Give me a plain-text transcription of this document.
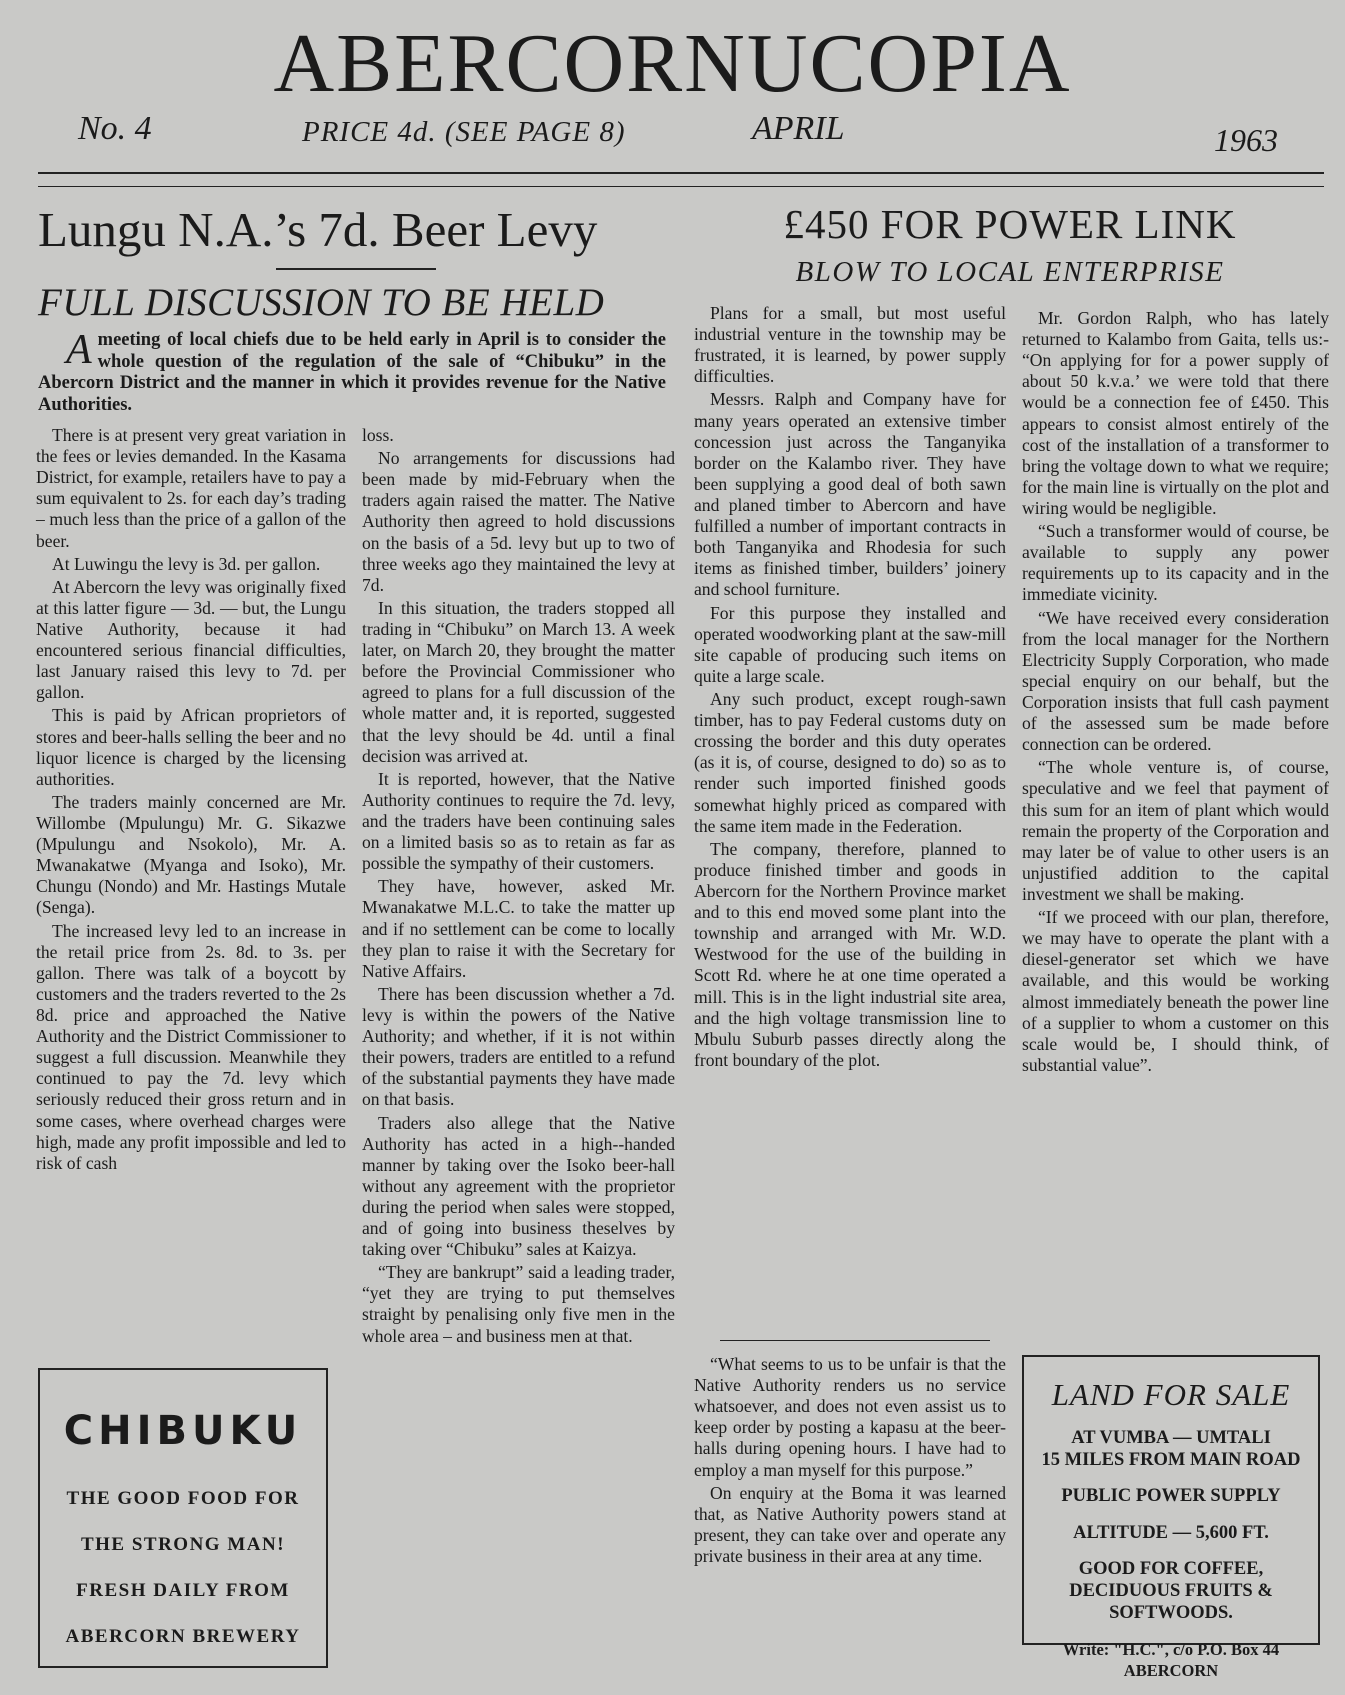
ABERCORNUCOPIA
No. 4	PRICE 4d. (SEE PAGE 8)	APRIL	1963
Lungu N.A.’s 7d. Beer Levy
FULL DISCUSSION TO BE HELD
A meeting of local chiefs due to be held early in April is to consider the whole question of the regulation of the sale of “Chibuku” in the Abercorn District and the manner in which it provides revenue for the Native Authorities.

There is at present very great variation in the fees or levies demanded. In the Kasama District, for example, retailers have to pay a sum equivalent to 2s. for each day’s trading – much less than the price of a gallon of the beer.

At Luwingu the levy is 3d. per gallon.

At Abercorn the levy was originally fixed at this latter figure — 3d. — but, the Lungu Native Authority, because it had encountered serious financial difficulties, last January raised this levy to 7d. per gallon.

This is paid by African proprietors of stores and beer-halls selling the beer and no liquor licence is charged by the licensing authorities.

The traders mainly concerned are Mr. Willombe (Mpulungu) Mr. G. Sikazwe (Mpulungu and Nsokolo), Mr. A. Mwanakatwe (Myanga and Isoko), Mr. Chungu (Nondo) and Mr. Hastings Mutale (Senga).

The increased levy led to an increase in the retail price from 2s. 8d. to 3s. per gallon. There was talk of a boycott by customers and the traders reverted to the 2s 8d. price and approached the Native Authority and the District Commissioner to suggest a full discussion. Meanwhile they continued to pay the 7d. levy which seriously reduced their gross return and in some cases, where overhead charges were high, made any profit impossible and led to risk of cash

loss.

No arrangements for discussions had been made by mid-February when the traders again raised the matter. The Native Authority then agreed to hold discussions on the basis of a 5d. levy but up to two of three weeks ago they maintained the levy at 7d.

In this situation, the traders stopped all trading in “Chibuku” on March 13. A week later, on March 20, they brought the matter before the Provincial Commissioner who agreed to plans for a full discussion of the whole matter and, it is reported, suggested that the levy should be 4d. until a final decision was arrived at.

It is reported, however, that the Native Authority continues to require the 7d. levy, and the traders have been continuing sales on a limited basis so as to retain as far as possible the sympathy of their customers.

They have, however, asked Mr. Mwanakatwe M.L.C. to take the matter up and if no settlement can be come to locally they plan to raise it with the Secretary for Native Affairs.

There has been discussion whether a 7d. levy is within the powers of the Native Authority; and whether, if it is not within their powers, traders are entitled to a refund of the substantial payments they have made on that basis.

Traders also allege that the Native Authority has acted in a high--handed manner by taking over the Isoko beer-hall without any agreement with the proprietor during the period when sales were stopped, and of going into business theselves by taking over “Chibuku” sales at Kaizya.

“They are bankrupt” said a leading trader, “yet they are trying to put themselves straight by penalising only five men in the whole area – and business men at that.

£450 FOR POWER LINK
BLOW TO LOCAL ENTERPRISE

Plans for a small, but most useful industrial venture in the township may be frustrated, it is learned, by power supply difficulties.

Messrs. Ralph and Company have for many years operated an extensive timber concession just across the Tanganyika border on the Kalambo river. They have been supplying a good deal of both sawn and planed timber to Abercorn and have fulfilled a number of important contracts in both Tanganyika and Rhodesia for such items as finished timber, builders’ joinery and school furniture.

For this purpose they installed and operated woodworking plant at the saw-mill site capable of producing such items on quite a large scale.

Any such product, except rough-sawn timber, has to pay Federal customs duty on crossing the border and this duty operates (as it is, of course, designed to do) so as to render such imported finished goods somewhat highly priced as compared with the same item made in the Federation.

The company, therefore, planned to produce finished timber and goods in Abercorn for the Northern Province market and to this end moved some plant into the township and arranged with Mr. W.D. Westwood for the use of the building in Scott Rd. where he at one time operated a mill. This is in the light industrial site area, and the high voltage transmission line to Mbulu Suburb passes directly along the front boundary of the plot.

“What seems to us to be unfair is that the Native Authority renders us no service whatsoever, and does not even assist us to keep order by posting a kapasu at the beer-halls during opening hours. I have had to employ a man myself for this purpose.”

On enquiry at the Boma it was learned that, as Native Authority powers stand at present, they can take over and operate any private business in their area at any time.

Mr. Gordon Ralph, who has lately returned to Kalambo from Gaita, tells us:- “On applying for for a power supply of about 50 k.v.a.’ we were told that there would be a connection fee of £450. This appears to consist almost entirely of the cost of the installation of a transformer to bring the voltage down to what we require; for the main line is virtually on the plot and wiring would be negligible.

“Such a transformer would of course, be available to supply any power requirements up to its capacity and in the immediate vicinity.

“We have received every consideration from the local manager for the Northern Electricity Supply Corporation, who made special enquiry on our behalf, but the Corporation insists that full cash payment of the assessed sum be made before connection can be ordered.

“The whole venture is, of course, speculative and we feel that payment of this sum for an item of plant which would remain the property of the Corporation and may later be of value to other users is an unjustified addition to the capital investment we shall be making.

“If we proceed with our plan, therefore, we may have to operate the plant with a diesel-generator set which we have available, and this would be working almost immediately beneath the power line of a supplier to whom a customer on this scale would be, I should think, of substantial value”.

CHIBUKU
THE GOOD FOOD FOR
THE STRONG MAN!
FRESH DAILY FROM
ABERCORN BREWERY
LAND FOR SALE
AT VUMBA — UMTALI
15 MILES FROM MAIN ROAD
PUBLIC POWER SUPPLY
ALTITUDE — 5,600 FT.
GOOD FOR COFFEE, DECIDUOUS FRUITS & SOFTWOODS.
Write: "H.C.", c/o P.O. Box 44 ABERCORN
